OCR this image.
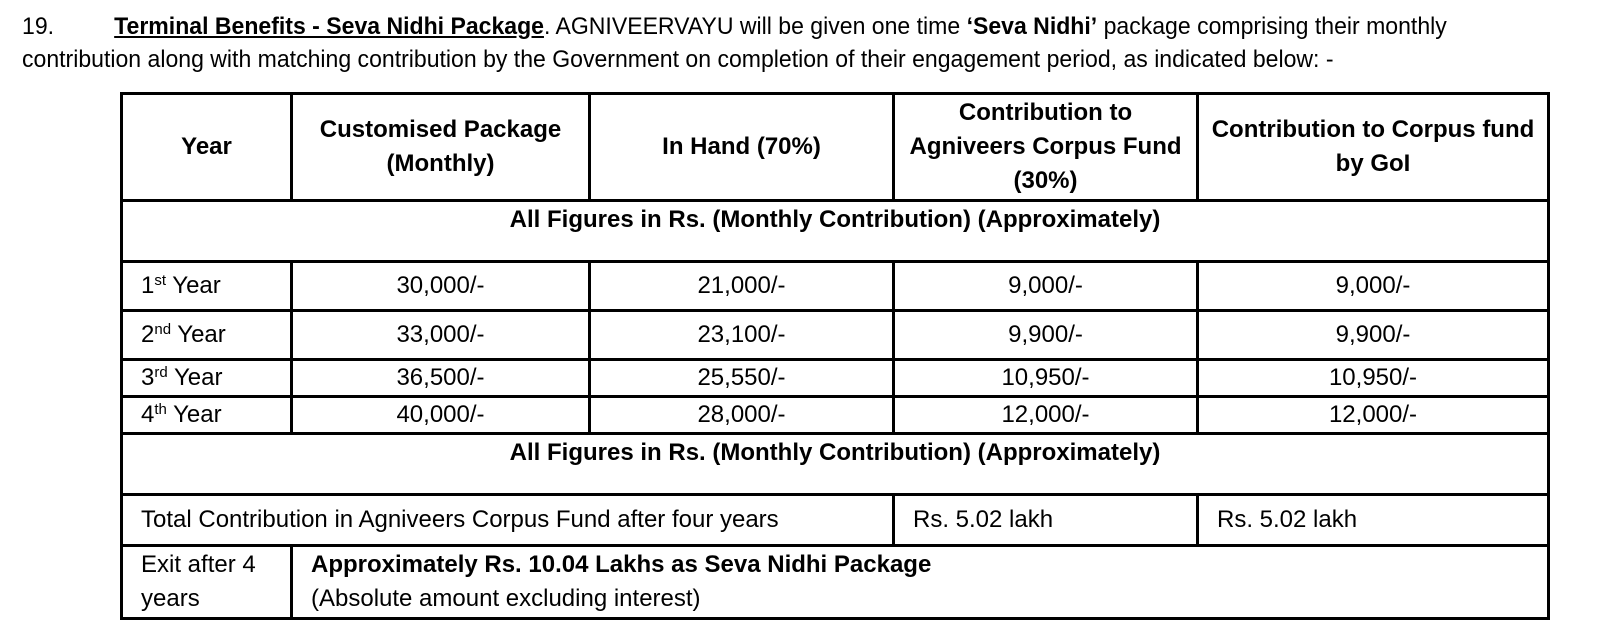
19.	Terminal Benefits - Seva Nidhi Package. AGNIVEERVAYU will be given one time ‘Seva Nidhi’ package comprising their monthly contribution along with matching contribution by the Government on completion of their engagement period, as indicated below: -
Year	Customised Package (Monthly)	In Hand (70%)	Contribution to Agniveers Corpus Fund (30%)	Contribution to Corpus fund by GoI
All Figures in Rs. (Monthly Contribution) (Approximately)				
1st Year	30,000/-	21,000/-	9,000/-	9,000/-
2nd Year	33,000/-	23,100/-	9,900/-	9,900/-
3rd Year	36,500/-	25,550/-	10,950/-	10,950/-
4th Year	40,000/-	28,000/-	12,000/-	12,000/-
All Figures in Rs. (Monthly Contribution) (Approximately)				
Total Contribution in Agniveers Corpus Fund after four years			Rs. 5.02 lakh	Rs. 5.02 lakh
Exit after 4 years	Approximately Rs. 10.04 Lakhs as Seva Nidhi Package
(Absolute amount excluding interest)			
